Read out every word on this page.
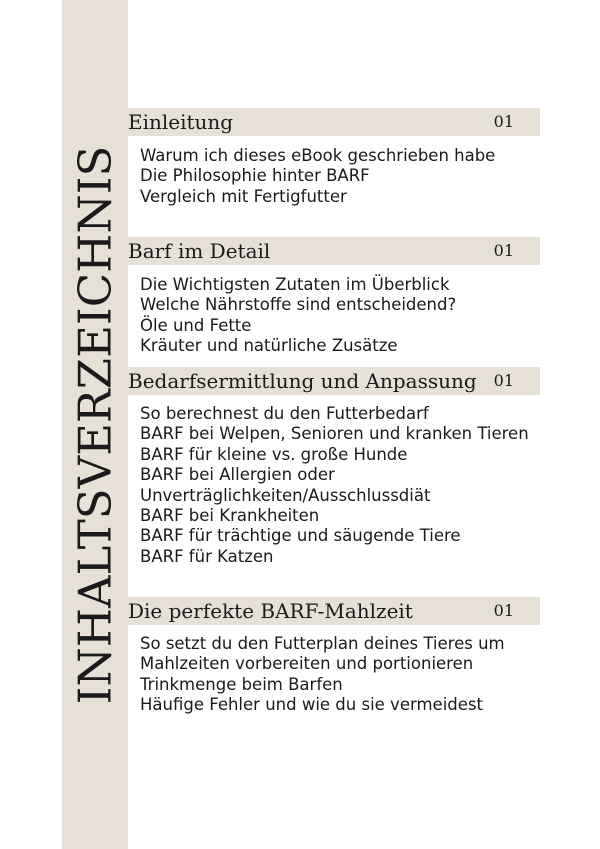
INHALTSVERZEICHNIS
Einleitung	01
Warum ich dieses eBook geschrieben habe
Die Philosophie hinter BARF
Vergleich mit Fertigfutter
Barf im Detail	01
Die Wichtigsten Zutaten im Überblick
Welche Nährstoffe sind entscheidend?
Öle und Fette
Kräuter und natürliche Zusätze
Bedarfsermittlung und Anpassung 01
So berechnest du den Futterbedarf
BARF bei Welpen, Senioren und kranken Tieren
BARF für kleine vs. große Hunde
BARF bei Allergien oder Unverträglichkeiten/Ausschlussdiät
BARF bei Krankheiten
BARF für trächtige und säugende Tiere
BARF für Katzen
Die perfekte BARF-Mahlzeit	01
So setzt du den Futterplan deines Tieres um
Mahlzeiten vorbereiten und portionieren
Trinkmenge beim Barfen
Häufige Fehler und wie du sie vermeidest
